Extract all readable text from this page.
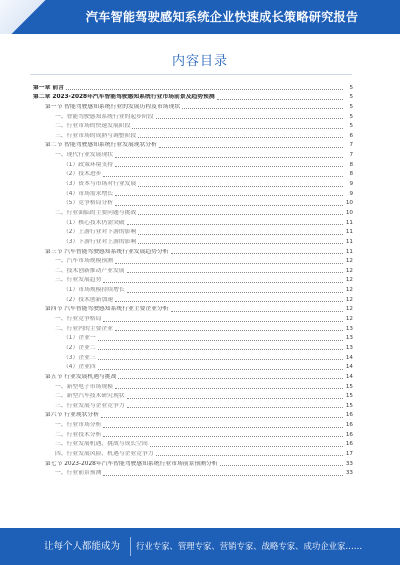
汽车智能驾驶感知系统企业快速成长策略研究报告
内容目录
第一章 前言	5
第二章 2023-2028年汽车智能驾驶感知系统行业市场前景及趋势预测	5
第一节 智能驾驶感知系统行业的发展历程及市场现状	5
一、智能驾驶感知系统行业的起步阶段	5
二、行业市场的快速发展阶段	5
三、行业市场的成熟与调整阶段	6
第二节 智能驾驶感知系统行业发展现状分析	7
一、现代行业发展现状	7
（1）政策环境支持	8
（2）技术进步	8
（3）资本与市场对行业发展	9
（4）市场需求增长	9
（5）竞争格局分析	10
二、行业面临的主要问题与挑战	10
（1）核心技术仍需突破	11
（2）上游行业对下游的影响	11
（3）下游行业对上游的影响	11
第三节 汽车智能驾驶感知系统行业发展趋势分析	11
一、汽车市场规模预测	12
二、技术创新推动产业发展	12
三、行业发展趋势	12
（1）市场规模持续增长	12
（2）技术创新加速	12
第四节 汽车智能驾驶感知系统行业主要企业分析	12
一、行业竞争格局	12
二、行业内的主要企业	13
（1）企业一	13
（2）企业二	13
（3）企业三	14
（4）企业四	14
第五节 行业发展机遇与挑战	14
一、新型电子市场规模	15
二、新型汽车技术研究现状	15
三、行业发展与企业竞争力	15
第六节 行业现状分析	16
一、行业市场分析	16
二、行业技术分析	16
三、行业发展机遇、挑战与成长空间	16
四、行业发展风险、机遇与企业竞争力	17
第七节 2023-2028年汽车智能驾驶感知系统行业市场前景预测分析	33
一、行业前景预测	33
让每个人都能成为 行业专家、管理专家、营销专家、战略专家、成功企业家……
